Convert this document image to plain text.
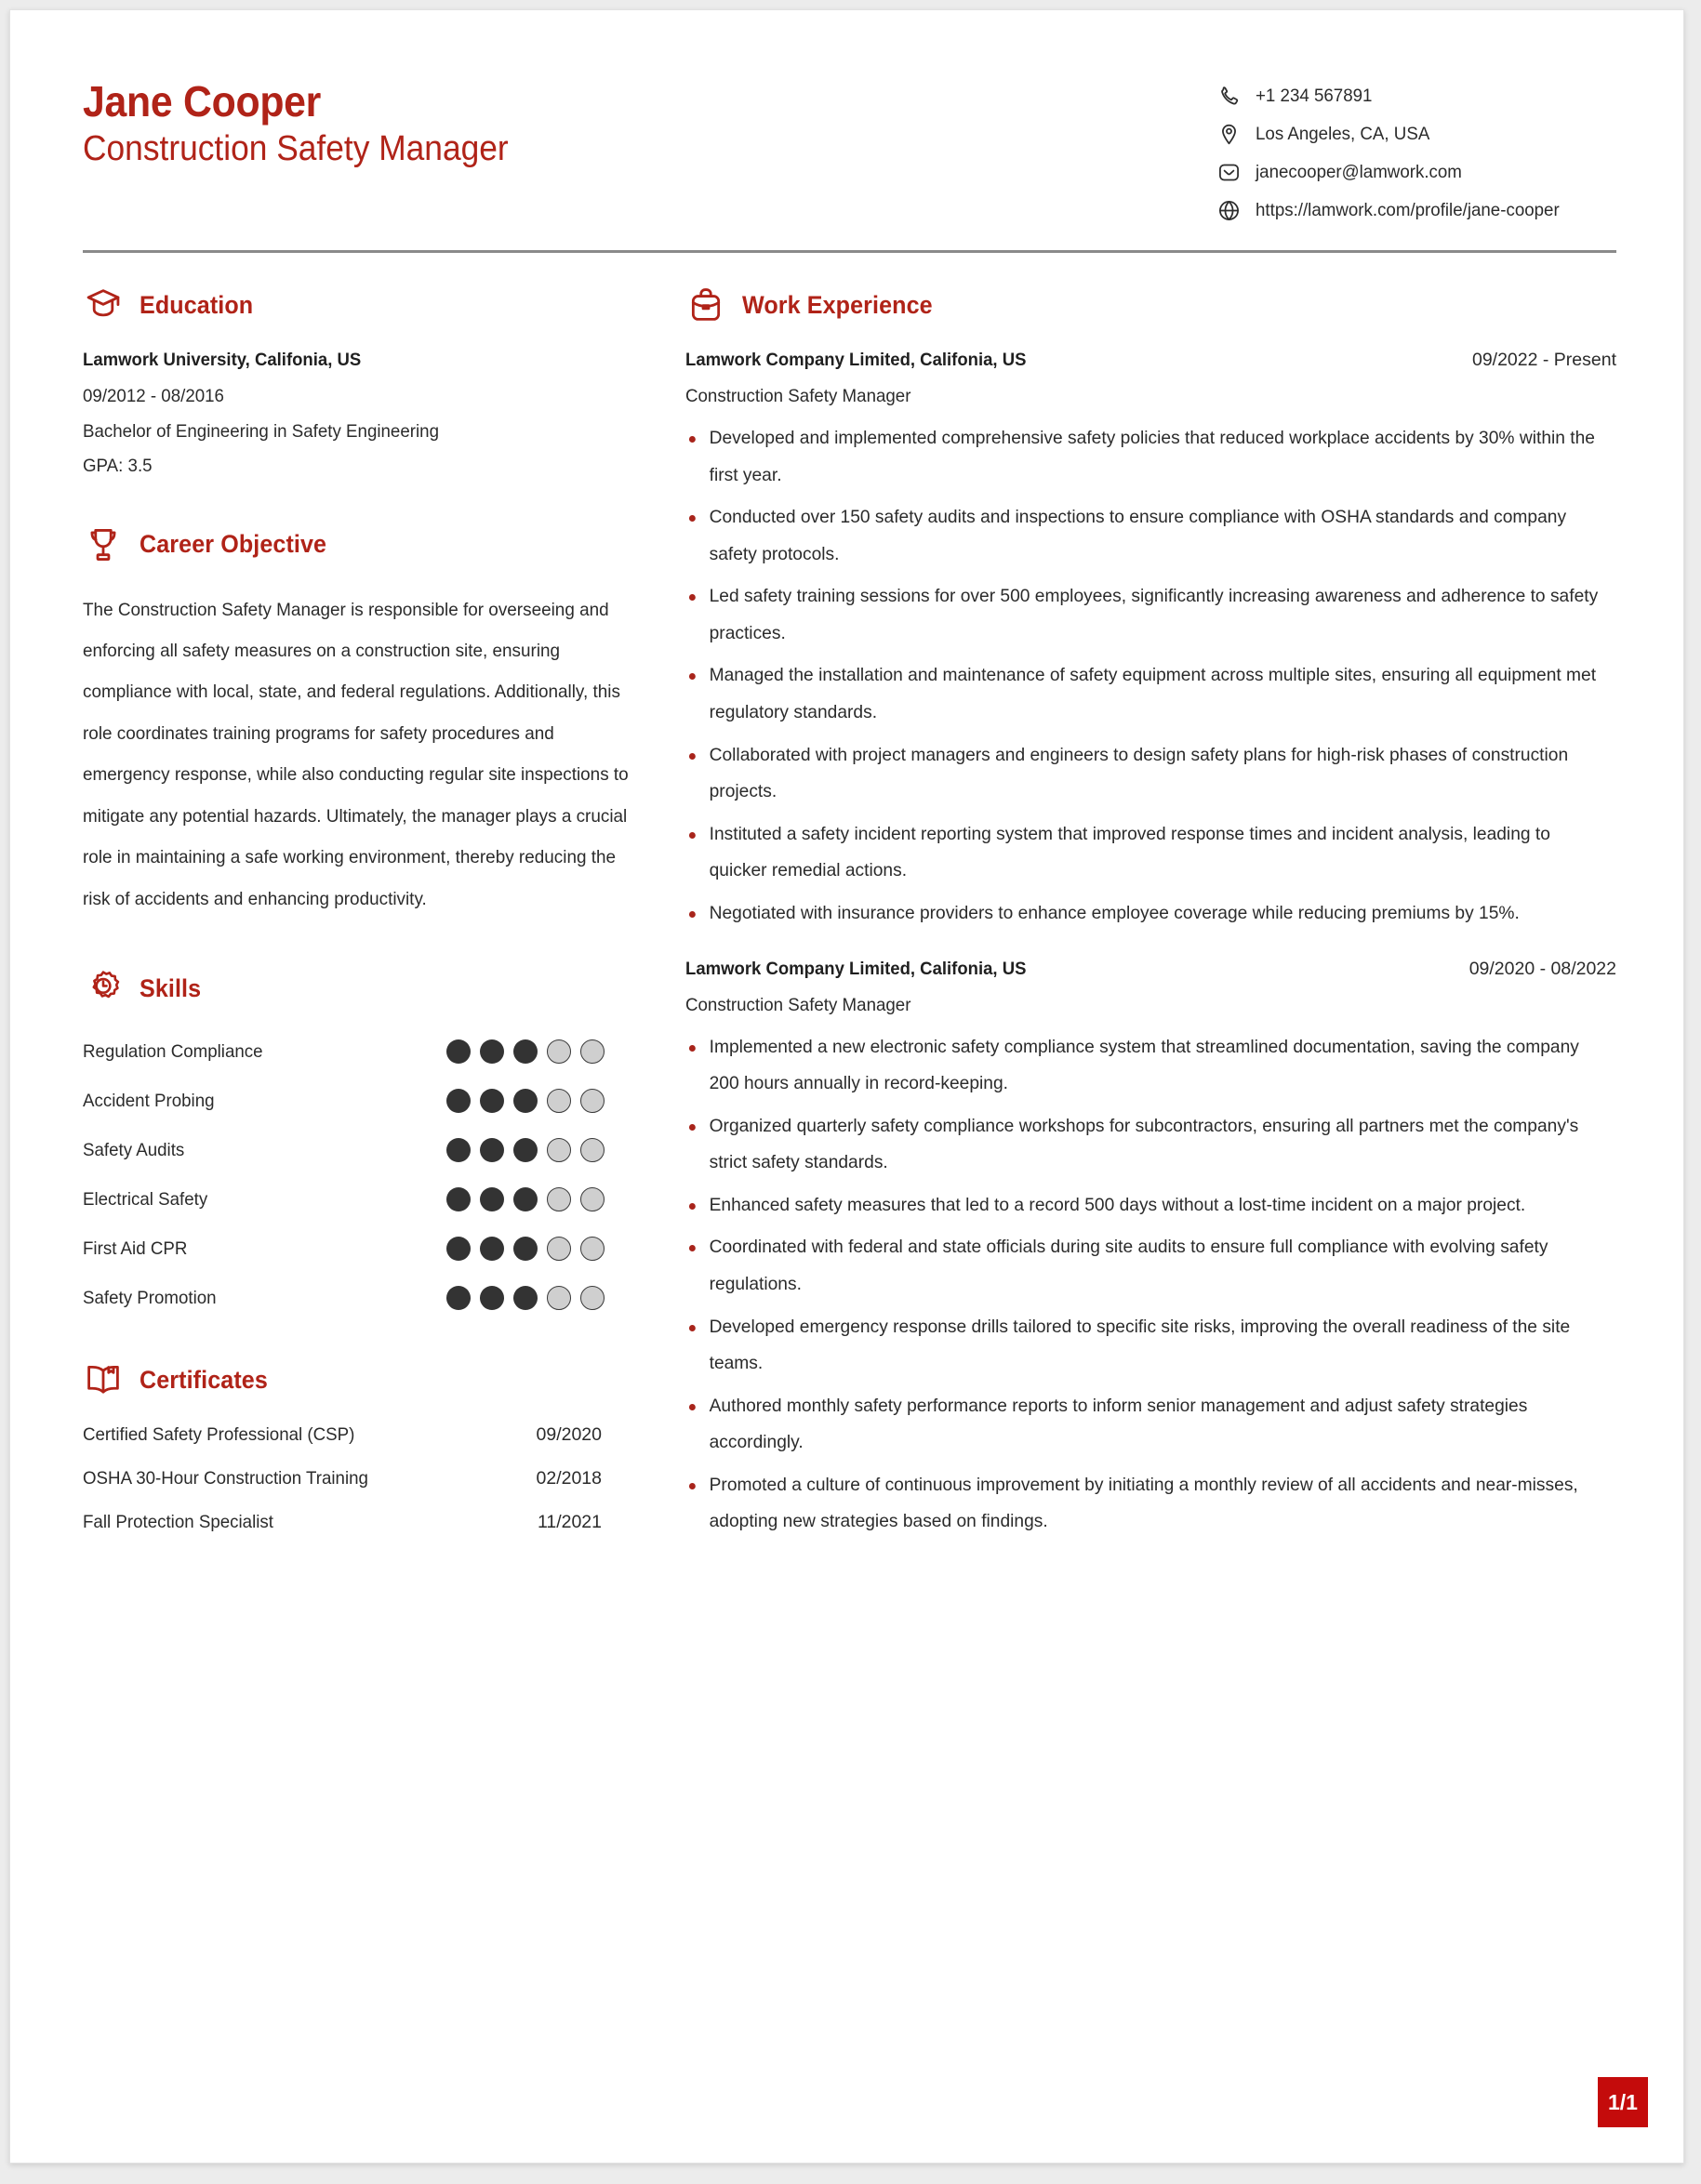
Jane Cooper
Construction Safety Manager
+1 234 567891
Los Angeles, CA, USA
janecooper@lamwork.com
https://lamwork.com/profile/jane-cooper
Education
Lamwork University, Califonia, US
09/2012 - 08/2016
Bachelor of Engineering in Safety Engineering
GPA: 3.5
Career Objective

The Construction Safety Manager is responsible for overseeing and enforcing all safety measures on a construction site, ensuring compliance with local, state, and federal regulations. Additionally, this role coordinates training programs for safety procedures and emergency response, while also conducting regular site inspections to mitigate any potential hazards. Ultimately, the manager plays a crucial role in maintaining a safe working environment, thereby reducing the risk of accidents and enhancing productivity.

Skills
Regulation Compliance
Accident Probing
Safety Audits
Electrical Safety
First Aid CPR
Safety Promotion
Certificates
Certified Safety Professional (CSP)	09/2020
OSHA 30-Hour Construction Training	02/2018
Fall Protection Specialist	11/2021
Work Experience
Lamwork Company Limited, Califonia, US	09/2022 - Present
Construction Safety Manager
Developed and implemented comprehensive safety policies that reduced workplace accidents by 30% within the first year.
Conducted over 150 safety audits and inspections to ensure compliance with OSHA standards and company safety protocols.
Led safety training sessions for over 500 employees, significantly increasing awareness and adherence to safety practices.
Managed the installation and maintenance of safety equipment across multiple sites, ensuring all equipment met regulatory standards.
Collaborated with project managers and engineers to design safety plans for high-risk phases of construction projects.
Instituted a safety incident reporting system that improved response times and incident analysis, leading to quicker remedial actions.
Negotiated with insurance providers to enhance employee coverage while reducing premiums by 15%.
Lamwork Company Limited, Califonia, US	09/2020 - 08/2022
Construction Safety Manager
Implemented a new electronic safety compliance system that streamlined documentation, saving the company 200 hours annually in record-keeping.
Organized quarterly safety compliance workshops for subcontractors, ensuring all partners met the company's strict safety standards.
Enhanced safety measures that led to a record 500 days without a lost-time incident on a major project.
Coordinated with federal and state officials during site audits to ensure full compliance with evolving safety regulations.
Developed emergency response drills tailored to specific site risks, improving the overall readiness of the site teams.
Authored monthly safety performance reports to inform senior management and adjust safety strategies accordingly.
Promoted a culture of continuous improvement by initiating a monthly review of all accidents and near-misses, adopting new strategies based on findings.
1/1
